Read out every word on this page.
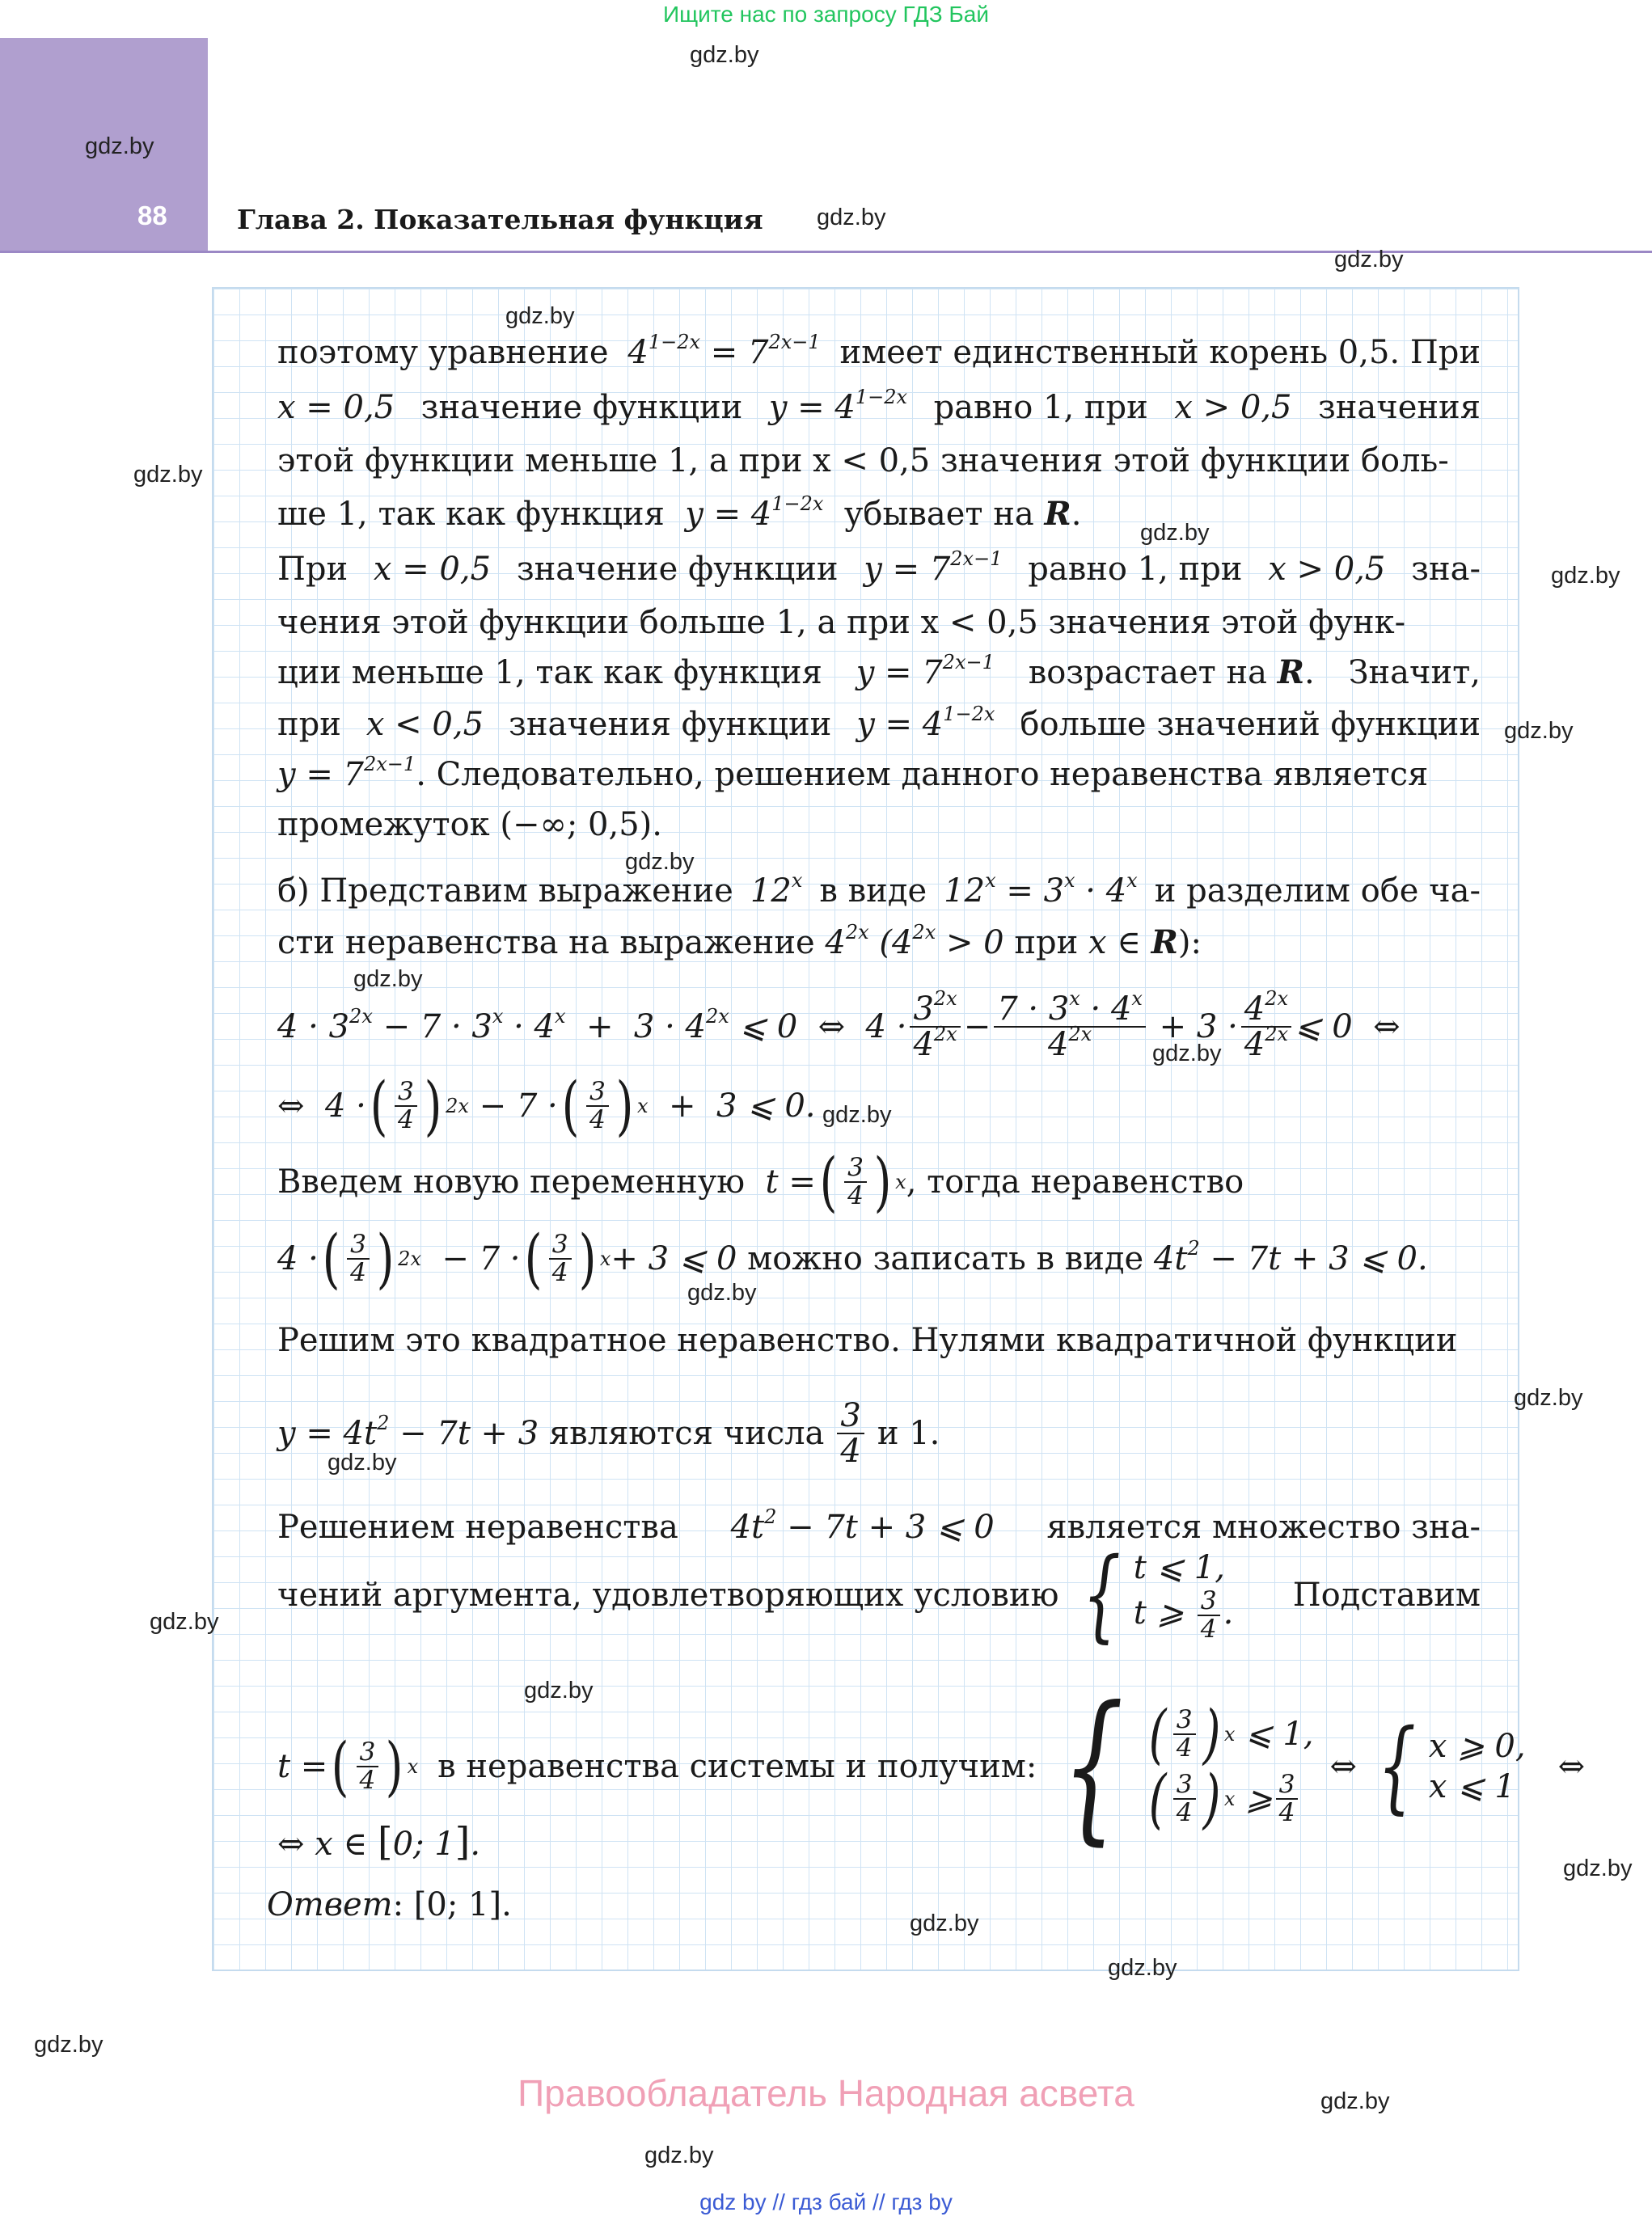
Ищите нас по запросу ГДЗ Бай
88	Глава 2. Показательная функция
gdz.by
gdz.by
gdz.by
gdz.by
gdz.by
gdz.by
gdz.by
gdz.by
gdz.by
gdz.by
gdz.by
gdz.by
gdz.by
gdz.by
gdz.by
gdz.by
gdz.by
gdz.by
gdz.by
gdz.by
gdz.by
gdz.by
gdz.by
gdz.by
поэтому уравнение $4^{1-2x} = 7^{2x-1}$ имеет единственный корень 0,5. При
x = 0,5 значение функции $y = 4^{1-2x}$ равно 1, при x > 0,5 значения
этой функции меньше 1, а при x < 0,5 значения этой функции боль-
ше 1, так как функция $y = 4^{1-2x}$ убывает на R.
При x = 0,5 значение функции $y = 7^{2x-1}$ равно 1, при x > 0,5 зна-
чения этой функции больше 1, а при x < 0,5 значения этой функ-
ции меньше 1, так как функция $y = 7^{2x-1}$ возрастает на R. Значит,
при x < 0,5 значения функции $y = 4^{1-2x}$ больше значений функции
$y = 7^{2x-1}$. Следовательно, решением данного неравенства является
промежуток (−∞; 0,5).
б) Представим выражение 12$^x$ в виде $12^x = 3^x \cdot 4^x$ и разделим обе ча-
сти неравенства на выражение $4^{2x}$ ($4^{2x} > 0$ при x ∈ R):
$4 \cdot 3^{2x} - 7 \cdot 3^x \cdot 4^x + 3 \cdot 4^{2x}$ ⩽ 0  ⇔  $4 \cdot \frac{3^{2x}}{4^{2x}} - \frac{7 \cdot 3^x \cdot 4^x}{4^{2x}} + 3 \cdot \frac{4^{2x}}{4^{2x}}$ ⩽ 0  ⇔
⇔  4 · ( $\frac{3}{4}$ ) 2x − 7 · ( $\frac{3}{4}$ ) x +  3 ⩽ 0.
Введем новую переменную t = ( $\frac{3}{4}$ ) x , тогда неравенство
4 · ( $\frac{3}{4}$ ) 2x − 7 · ( $\frac{3}{4}$ ) x + 3 ⩽ 0 можно записать в виде $4t^2 - 7t + 3$ ⩽ 0.
Решим это квадратное неравенство. Нулями квадратичной функции
$y = 4t^2 - 7t + 3$ являются числа $\frac{3}{4}$ и 1.
Решением неравенства $4t^2 - 7t + 3$ ⩽ 0 является множество зна-
чений аргумента, удовлетворяющих условию { t ⩽ 1,
t ⩾ $\frac{3}{4}$ . Подставим
t = ( $\frac{3}{4}$ ) x в неравенства системы и получим: { ( $\frac{3}{4}$ ) x ⩽ 1,
( $\frac{3}{4}$ ) x ⩾ $\frac{3}{4}$
⇔ { x ⩾ 0,
x ⩽ 1
⇔
⇔ x ∈ [0; 1].
Ответ: [0; 1].
Правообладатель Народная асвета
gdz by // гдз бай // гдз by
